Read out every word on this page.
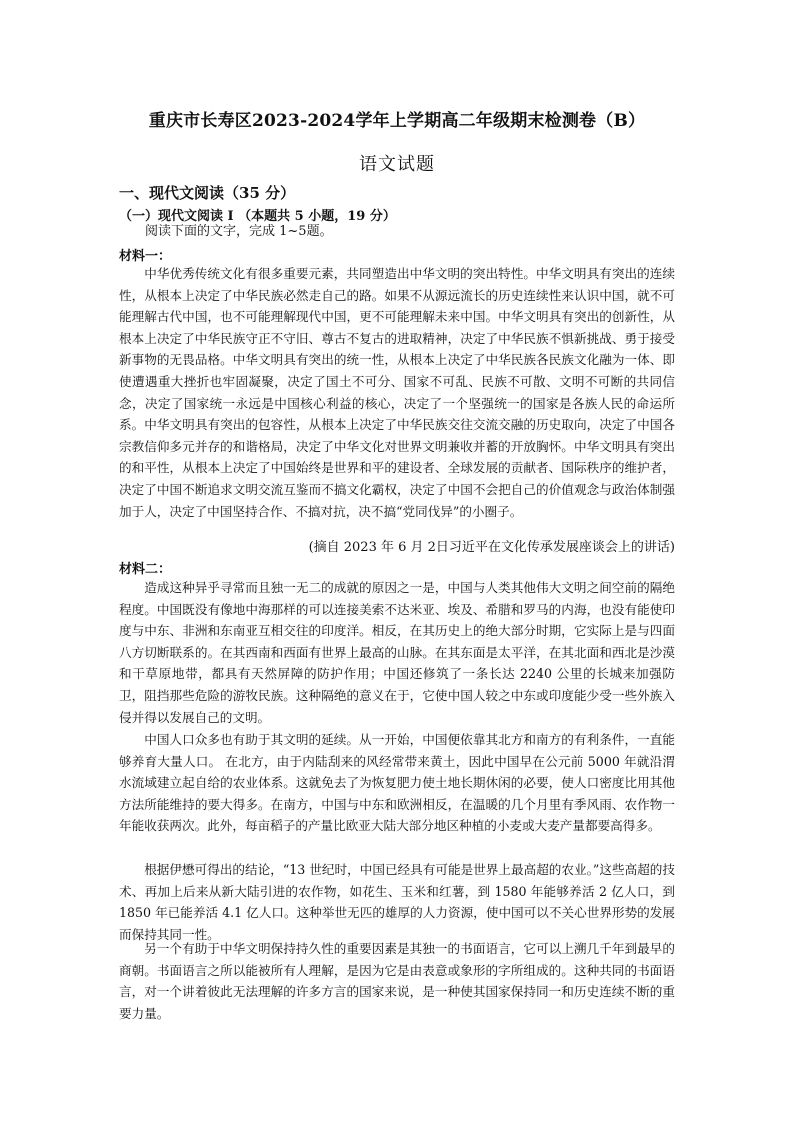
重庆市长寿区2023-2024学年上学期高二年级期末检测卷（B）
语文试题
一、现代文阅读（35 分）
（一）现代文阅读 I （本题共 5 小题，19 分）
阅读下面的文字，完成 1~5题。
材料一：
中华优秀传统文化有很多重要元素，共同塑造出中华文明的突出特性。中华文明具有突出的连续性，从根本上决定了中华民族必然走自己的路。如果不从源远流长的历史连续性来认识中国，就不可能理解古代中国，也不可能理解现代中国，更不可能理解未来中国。中华文明具有突出的创新性，从根本上决定了中华民族守正不守旧、尊古不复古的进取精神，决定了中华民族不惧新挑战、勇于接受新事物的无畏品格。中华文明具有突出的统一性，从根本上决定了中华民族各民族文化融为一体、即使遭遇重大挫折也牢固凝聚，决定了国土不可分、国家不可乱、民族不可散、文明不可断的共同信念，决定了国家统一永远是中国核心利益的核心，决定了一个坚强统一的国家是各族人民的命运所系。中华文明具有突出的包容性，从根本上决定了中华民族交往交流交融的历史取向，决定了中国各宗教信仰多元并存的和谐格局，决定了中华文化对世界文明兼收并蓄的开放胸怀。中华文明具有突出的和平性，从根本上决定了中国始终是世界和平的建设者、全球发展的贡献者、国际秩序的维护者，决定了中国不断追求文明交流互鉴而不搞文化霸权，决定了中国不会把自己的价值观念与政治体制强加于人，决定了中国坚持合作、不搞对抗，决不搞“党同伐异”的小圈子。
(摘自 2023 年 6 月 2日习近平在文化传承发展座谈会上的讲话)
材料二：
造成这种异乎寻常而且独一无二的成就的原因之一是，中国与人类其他伟大文明之间空前的隔绝程度。中国既没有像地中海那样的可以连接美索不达米亚、埃及、希腊和罗马的内海，也没有能使印度与中东、非洲和东南亚互相交往的印度洋。相反，在其历史上的绝大部分时期，它实际上是与四面八方切断联系的。在其西南和西面有世界上最高的山脉。在其东面是太平洋，在其北面和西北是沙漠和干草原地带，都具有天然屏障的防护作用；中国还修筑了一条长达 2240 公里的长城来加强防卫，阻挡那些危险的游牧民族。这种隔绝的意义在于，它使中国人较之中东或印度能少受一些外族入侵并得以发展自己的文明。
中国人口众多也有助于其文明的延续。从一开始，中国便依靠其北方和南方的有利条件，一直能够养育大量人口。 在北方，由于内陆刮来的风经常带来黄土，因此中国早在公元前 5000 年就沿渭水流域建立起自给的农业体系。这就免去了为恢复肥力使土地长期休闲的必要，使人口密度比用其他方法所能维持的要大得多。在南方，中国与中东和欧洲相反，在温暖的几个月里有季风雨、农作物一年能收获两次。此外，每亩稻子的产量比欧亚大陆大部分地区种植的小麦或大麦产量都要高得多。
根据伊懋可得出的结论，“13 世纪时，中国已经具有可能是世界上最高超的农业。”这些高超的技术、再加上后来从新大陆引进的农作物，如花生、玉米和红薯，到 1580 年能够养活 2 亿人口，到 1850 年已能养活 4.1 亿人口。这种举世无匹的雄厚的人力资源，使中国可以不关心世界形势的发展而保持其同一性。
另一个有助于中华文明保持持久性的重要因素是其独一的书面语言，它可以上溯几千年到最早的商朝。书面语言之所以能被所有人理解，是因为它是由表意或象形的字所组成的。这种共同的书面语言，对一个讲着彼此无法理解的许多方言的国家来说，是一种使其国家保持同一和历史连续不断的重要力量。
